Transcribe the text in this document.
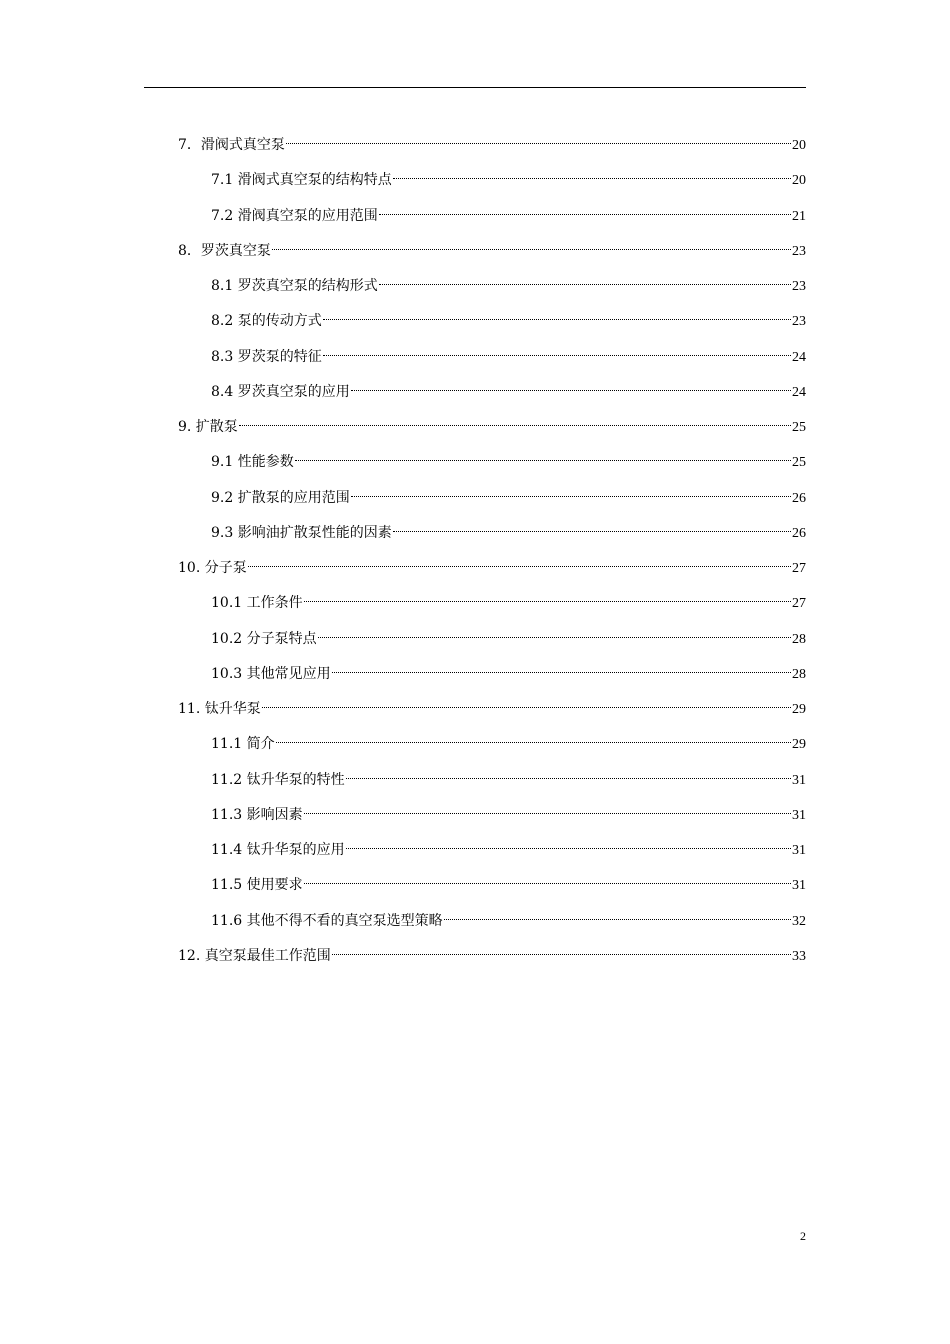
7．滑阀式真空泵	20
7.1 滑阀式真空泵的结构特点	20
7.2 滑阀真空泵的应用范围	21
8．罗茨真空泵	23
8.1 罗茨真空泵的结构形式	23
8.2 泵的传动方式	23
8.3 罗茨泵的特征	24
8.4 罗茨真空泵的应用	24
9. 扩散泵	25
9.1 性能参数	25
9.2 扩散泵的应用范围	26
9.3 影响油扩散泵性能的因素	26
10. 分子泵	27
10.1 工作条件	27
10.2 分子泵特点	28
10.3 其他常见应用	28
11. 钛升华泵	29
11.1 简介	29
11.2 钛升华泵的特性	31
11.3 影响因素	31
11.4 钛升华泵的应用	31
11.5 使用要求	31
11.6 其他不得不看的真空泵选型策略	32
12. 真空泵最佳工作范围	33
2
